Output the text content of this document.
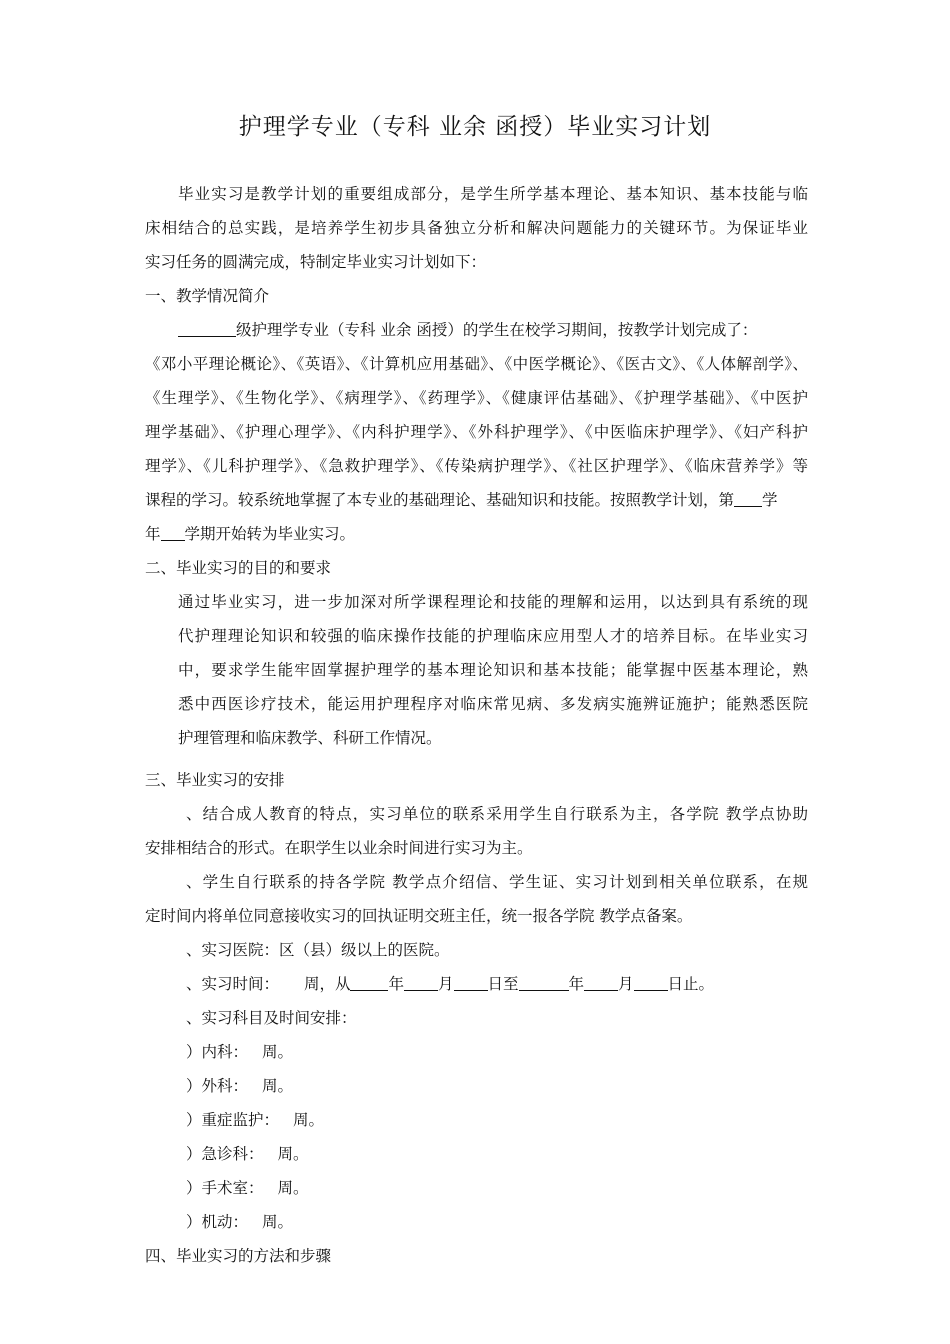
护理学专业（专科 业余 函授）毕业实习计划
毕业实习是教学计划的重要组成部分，是学生所学基本理论、基本知识、基本技能与临
床相结合的总实践，是培养学生初步具备独立分析和解决问题能力的关键环节。为保证毕业
实习任务的圆满完成，特制定毕业实习计划如下：
一、教学情况简介
级护理学专业（专科 业余 函授）的学生在校学习期间，按教学计划完成了：
《邓小平理论概论》、《英语》、《计算机应用基础》、《中医学概论》、《医古文》、《人体解剖学》、
《生理学》、《生物化学》、《病理学》、《药理学》、《健康评估基础》、《护理学基础》、《中医护
理学基础》、《护理心理学》、《内科护理学》、《外科护理学》、《中医临床护理学》、《妇产科护
理学》、《儿科护理学》、《急救护理学》、《传染病护理学》、《社区护理学》、《临床营养学》等
课程的学习。较系统地掌握了本专业的基础理论、基础知识和技能。按照教学计划，第 学
年 学期开始转为毕业实习。
二、毕业实习的目的和要求
通过毕业实习，进一步加深对所学课程理论和技能的理解和运用，以达到具有系统的现
代护理理论知识和较强的临床操作技能的护理临床应用型人才的培养目标。在毕业实习
中，要求学生能牢固掌握护理学的基本理论知识和基本技能；能掌握中医基本理论，熟
悉中西医诊疗技术，能运用护理程序对临床常见病、多发病实施辨证施护；能熟悉医院
护理管理和临床教学、科研工作情况。
三、毕业实习的安排
、结合成人教育的特点，实习单位的联系采用学生自行联系为主，各学院 教学点协助
安排相结合的形式。在职学生以业余时间进行实习为主。
、学生自行联系的持各学院 教学点介绍信、学生证、实习计划到相关单位联系，在规
定时间内将单位同意接收实习的回执证明交班主任，统一报各学院 教学点备案。
、实习医院：区（县）级以上的医院。
、实习时间： 周，从 年 月 日至	年 月 日止。
、实习科目及时间安排：
）内科： 周。
）外科： 周。
）重症监护： 周。
）急诊科： 周。
）手术室： 周。
）机动： 周。
四、毕业实习的方法和步骤
